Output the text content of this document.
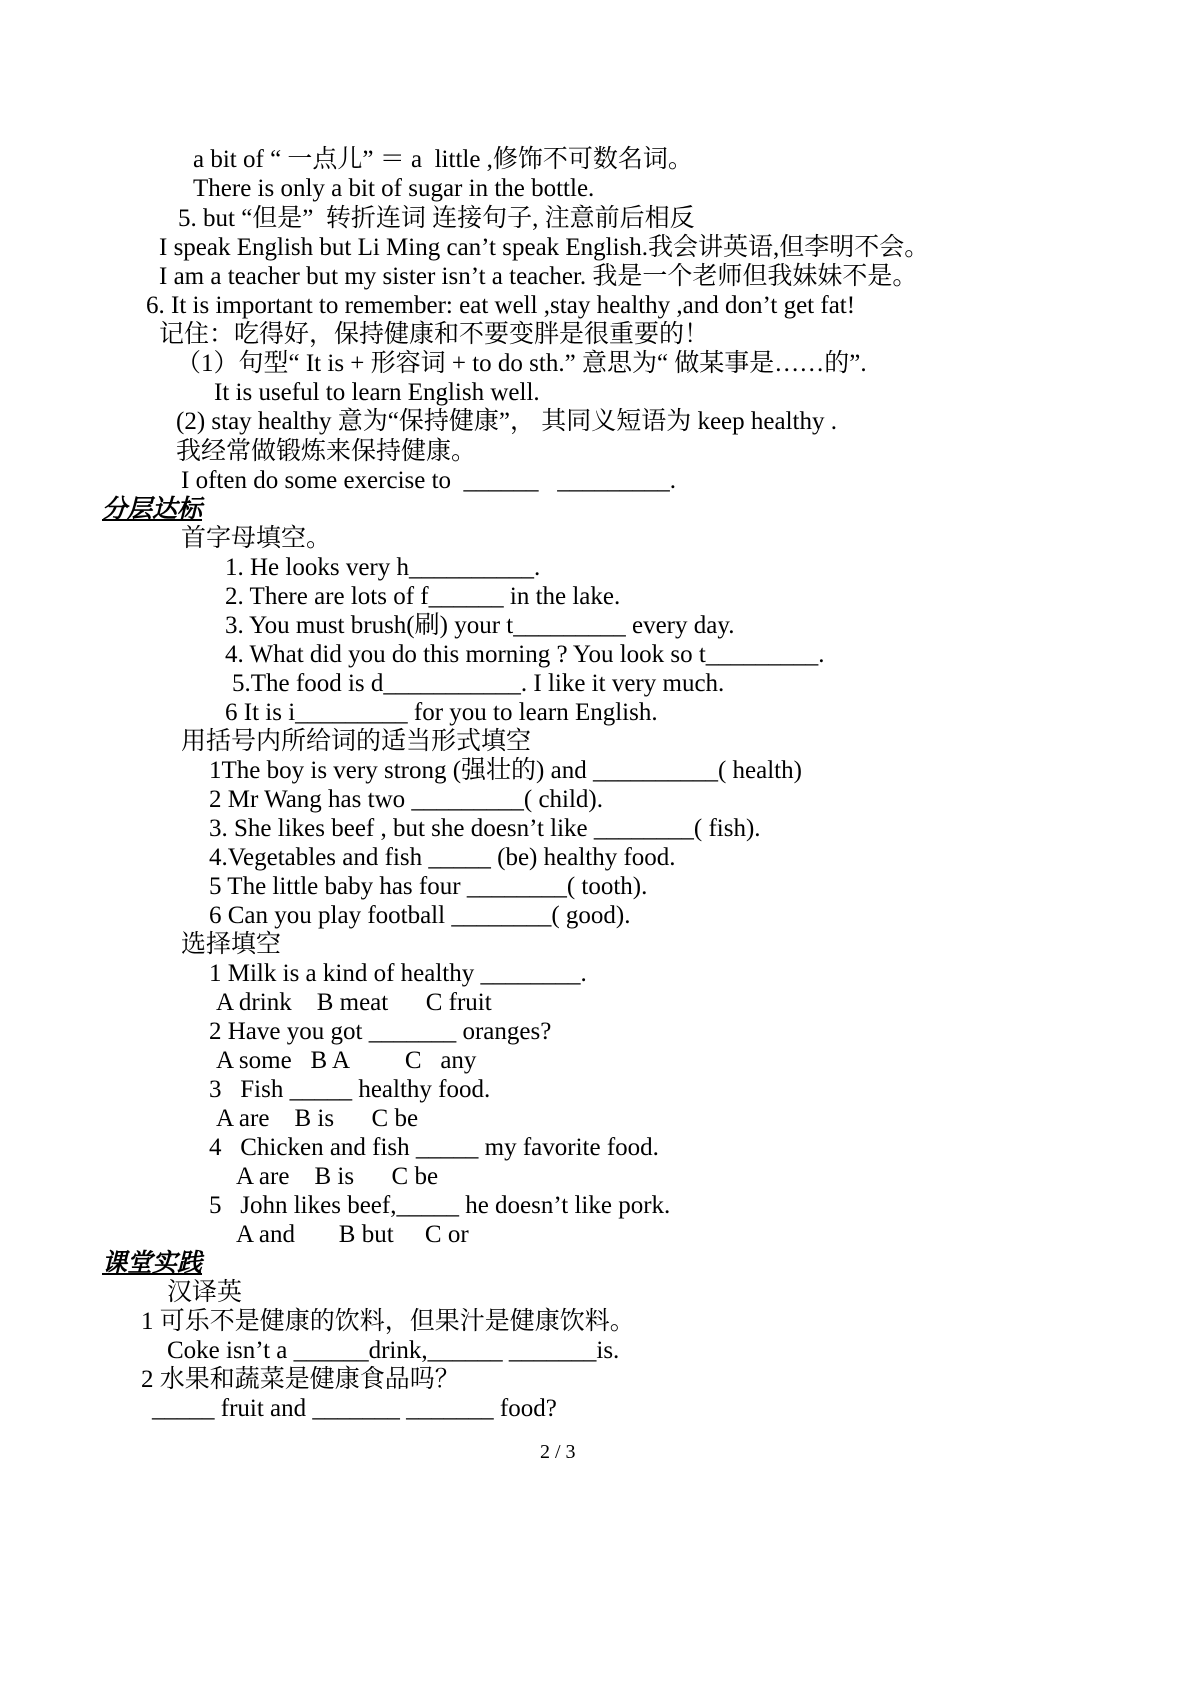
a bit of “ 一点儿” ＝ a  little ,修饰不可数名词。
There is only a bit of sugar in the bottle.
5. but “但是”  转折连词 连接句子, 注意前后相反
I speak English but Li Ming can’t speak English.我会讲英语,但李明不会。
I am a teacher but my sister isn’t a teacher. 我是一个老师但我妹妹不是。
6. It is important to remember: eat well ,stay healthy ,and don’t get fat!
记住：吃得好，保持健康和不要变胖是很重要的！
（1）句型“ It is + 形容词 + to do sth.” 意思为“ 做某事是……的”.
It is useful to learn English well.
(2) stay healthy 意为“保持健康”， 其同义短语为 keep healthy .
我经常做锻炼来保持健康。
I often do some exercise to  ______   _________.
分层达标
首字母填空。
1. He looks very h__________.
2. There are lots of f______ in the lake.
3. You must brush(刷) your t_________ every day.
4. What did you do this morning ? You look so t_________.
5.The food is d___________. I like it very much.
6 It is i_________ for you to learn English.
用括号内所给词的适当形式填空
1The boy is very strong (强壮的) and __________( health)
2 Mr Wang has two _________( child).
3. She likes beef , but she doesn’t like ________( fish).
4.Vegetables and fish _____ (be) healthy food.
5 The little baby has four ________( tooth).
6 Can you play football ________( good).
选择填空
1 Milk is a kind of healthy ________.
A drink    B meat      C fruit
2 Have you got _______ oranges?
A some   B A         C   any
3   Fish _____ healthy food.
A are    B is      C be
4   Chicken and fish _____ my favorite food.
A are    B is      C be
5   John likes beef,_____ he doesn’t like pork.
A and       B but     C or
课堂实践
汉译英
1 可乐不是健康的饮料，但果汁是健康饮料。
Coke isn’t a ______drink,______ _______is.
2 水果和蔬菜是健康食品吗？
_____ fruit and _______ _______ food?
2 / 3
